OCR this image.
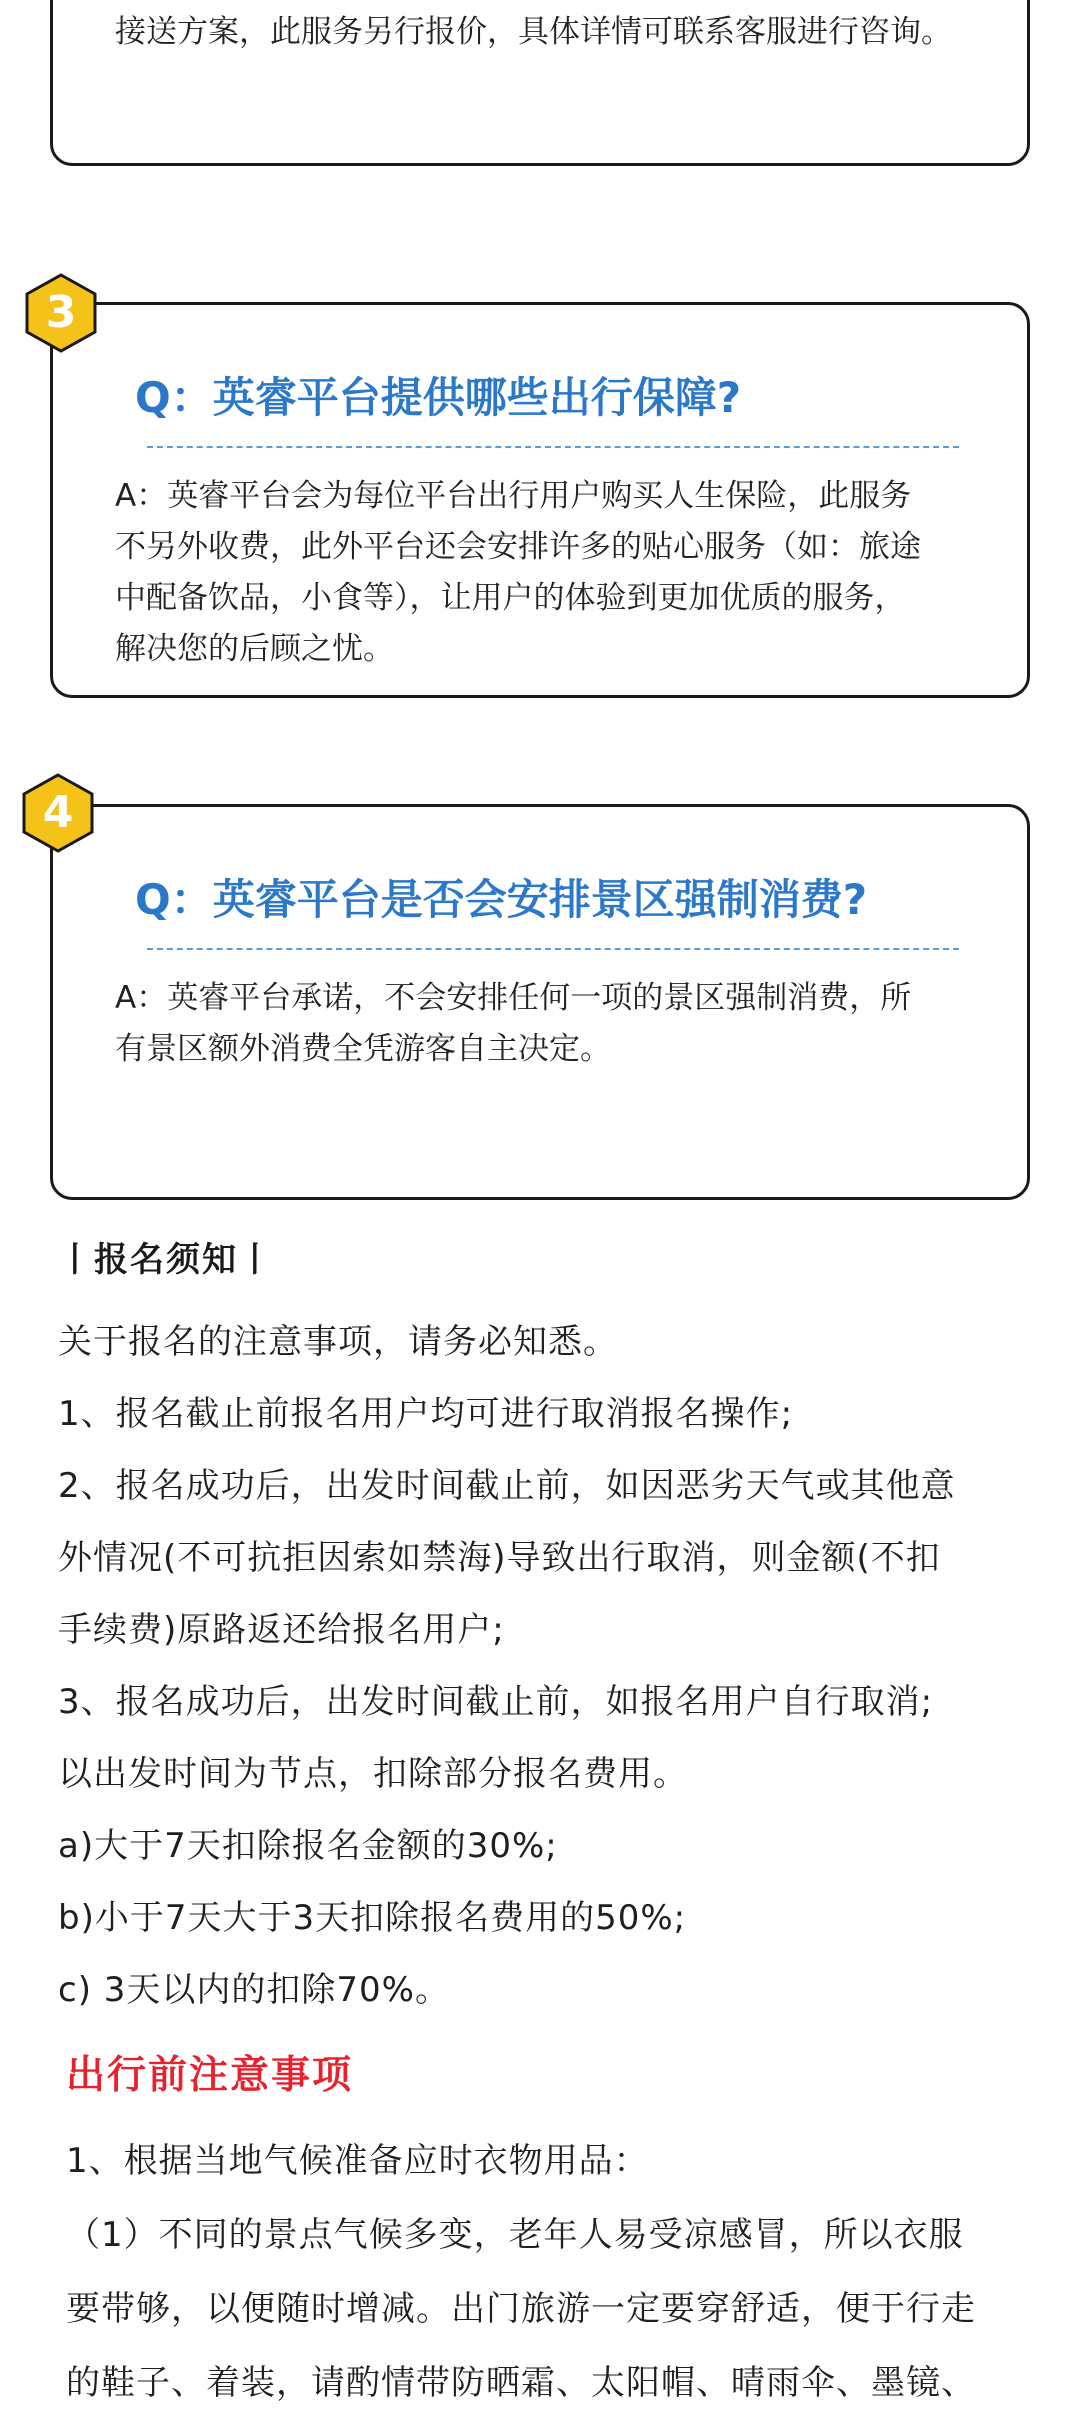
接送方案，此服务另行报价，具体详情可联系客服进行咨询。

Q：英睿平台提供哪些出行保障?

A：英睿平台会为每位平台出行用户购买人生保险，此服务
不另外收费，此外平台还会安排许多的贴心服务（如：旅途
中配备饮品，小食等），让用户的体验到更加优质的服务，
解决您的后顾之忧。
3

Q：英睿平台是否会安排景区强制消费?

A：英睿平台承诺，不会安排任何一项的景区强制消费，所
有景区额外消费全凭游客自主决定。
4

丨报名须知丨

关于报名的注意事项，请务必知悉。

1、报名截止前报名用户均可进行取消报名操作;

2、报名成功后，出发时间截止前，如因恶劣天气或其他意

外情况(不可抗拒因索如禁海)导致出行取消，则金额(不扣

手续费)原路返还给报名用户;

3、报名成功后，出发时间截止前，如报名用户自行取消;

以出发时间为节点，扣除部分报名费用。

a)大于7天扣除报名金额的30%;

b)小于7天大于3天扣除报名费用的50%;

c) 3天以内的扣除70%。

出行前注意事项

1、根据当地气候准备应时衣物用品：

（1）不同的景点气候多变，老年人易受凉感冒，所以衣服

要带够，以便随时增减。出门旅游一定要穿舒适，便于行走

的鞋子、着装，请酌情带防晒霜、太阳帽、晴雨伞、墨镜、
